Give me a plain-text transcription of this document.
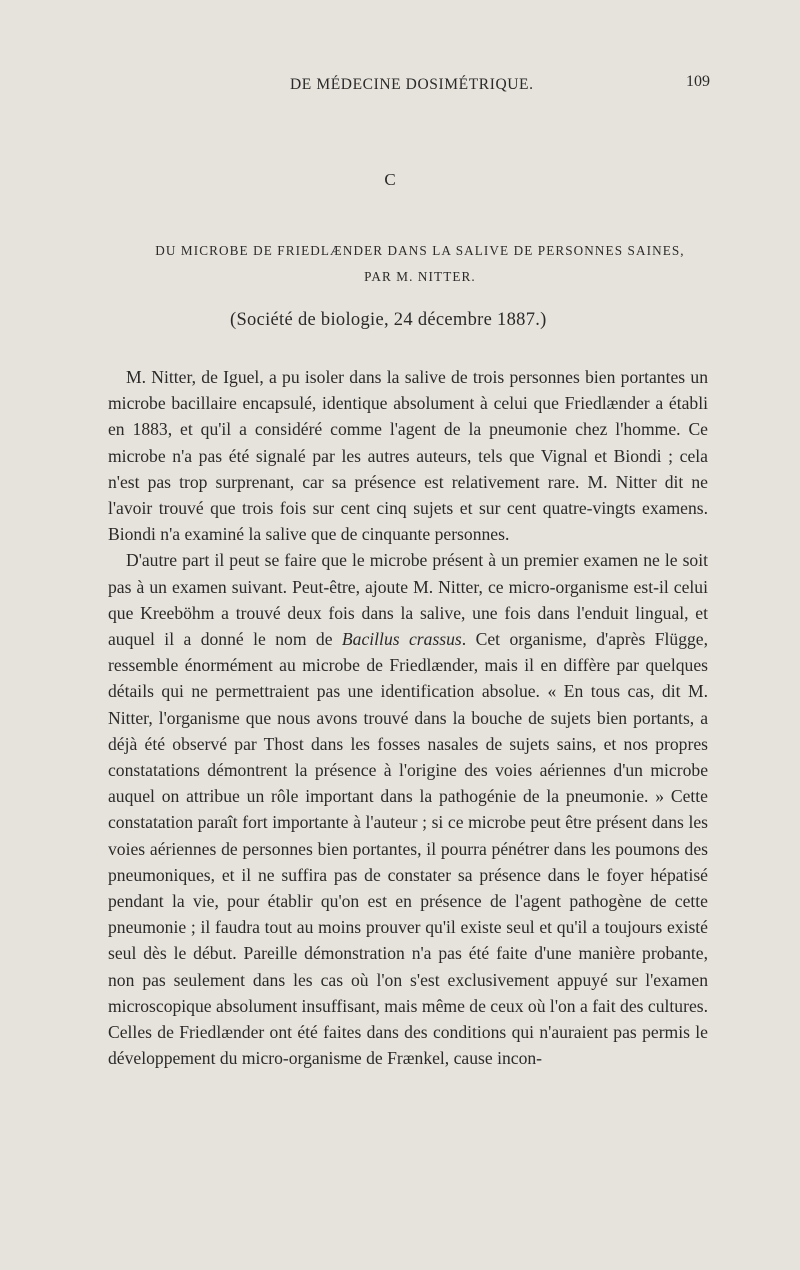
DE MÉDECINE DOSIMÉTRIQUE.	109
C
DU MICROBE DE FRIEDLÆNDER DANS LA SALIVE DE PERSONNES SAINES,
PAR M. NITTER.
(Société de biologie, 24 décembre 1887.)

M. Nitter, de Iguel, a pu isoler dans la salive de trois personnes bien portantes un microbe bacillaire encapsulé, identique absolument à celui que Friedlænder a établi en 1883, et qu'il a considéré comme l'agent de la pneumonie chez l'homme. Ce microbe n'a pas été signalé par les autres auteurs, tels que Vignal et Biondi ; cela n'est pas trop surprenant, car sa présence est relativement rare. M. Nitter dit ne l'avoir trouvé que trois fois sur cent cinq sujets et sur cent quatre-vingts examens. Biondi n'a examiné la salive que de cinquante personnes.

D'autre part il peut se faire que le microbe présent à un premier examen ne le soit pas à un examen suivant. Peut-être, ajoute M. Nitter, ce micro-organisme est-il celui que Kreeböhm a trouvé deux fois dans la salive, une fois dans l'enduit lingual, et auquel il a donné le nom de Bacillus crassus. Cet organisme, d'après Flügge, ressemble énormément au microbe de Friedlænder, mais il en diffère par quelques détails qui ne permettraient pas une identification absolue. « En tous cas, dit M. Nitter, l'organisme que nous avons trouvé dans la bouche de sujets bien portants, a déjà été observé par Thost dans les fosses nasales de sujets sains, et nos propres constatations démontrent la présence à l'origine des voies aériennes d'un microbe auquel on attribue un rôle important dans la pathogénie de la pneumonie. » Cette constatation paraît fort importante à l'auteur ; si ce microbe peut être présent dans les voies aériennes de personnes bien portantes, il pourra pénétrer dans les poumons des pneumoniques, et il ne suffira pas de constater sa présence dans le foyer hépatisé pendant la vie, pour établir qu'on est en présence de l'agent pathogène de cette pneumonie ; il faudra tout au moins prouver qu'il existe seul et qu'il a toujours existé seul dès le début. Pareille démonstration n'a pas été faite d'une manière probante, non pas seulement dans les cas où l'on s'est exclusivement appuyé sur l'examen microscopique absolument insuffisant, mais même de ceux où l'on a fait des cultures. Celles de Friedlænder ont été faites dans des conditions qui n'auraient pas permis le développement du micro-organisme de Frænkel, cause incon-
